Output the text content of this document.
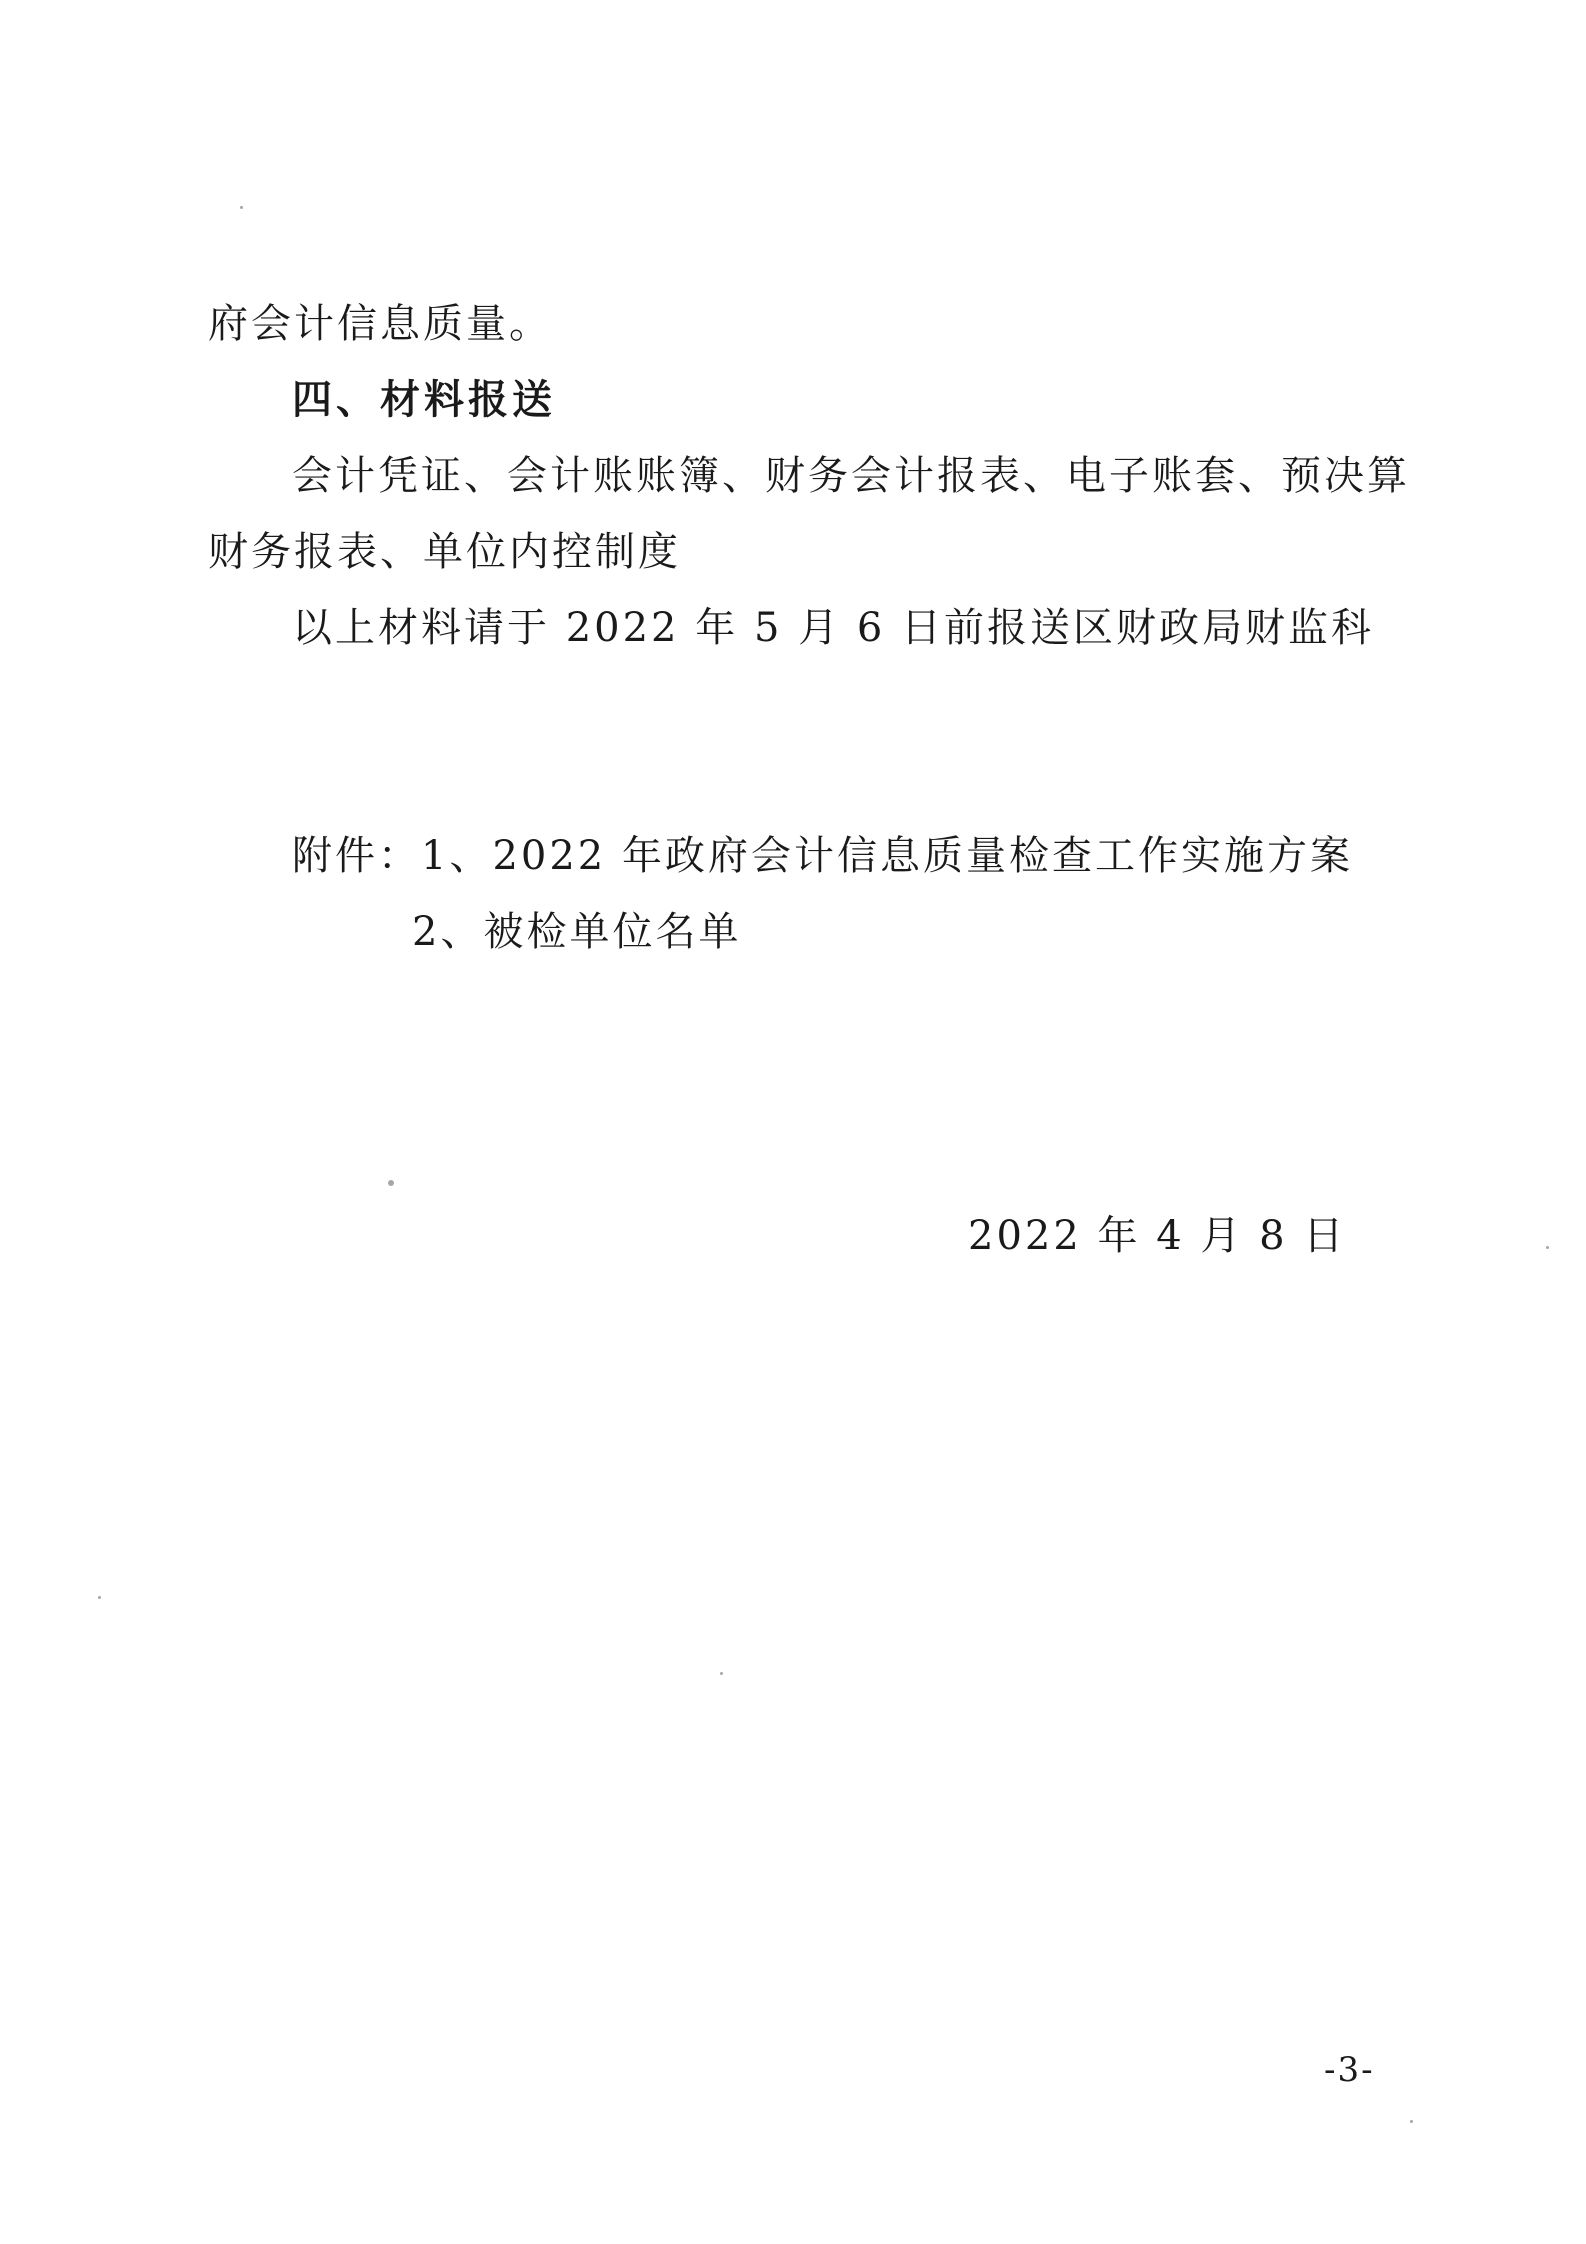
府会计信息质量。
四、材料报送
会计凭证、会计账账簿、财务会计报表、电子账套、预决算
财务报表、单位内控制度
以上材料请于 2022 年 5 月 6 日前报送区财政局财监科
附件：1、2022 年政府会计信息质量检查工作实施方案
2、被检单位名单
2022 年 4 月 8 日
-3-
